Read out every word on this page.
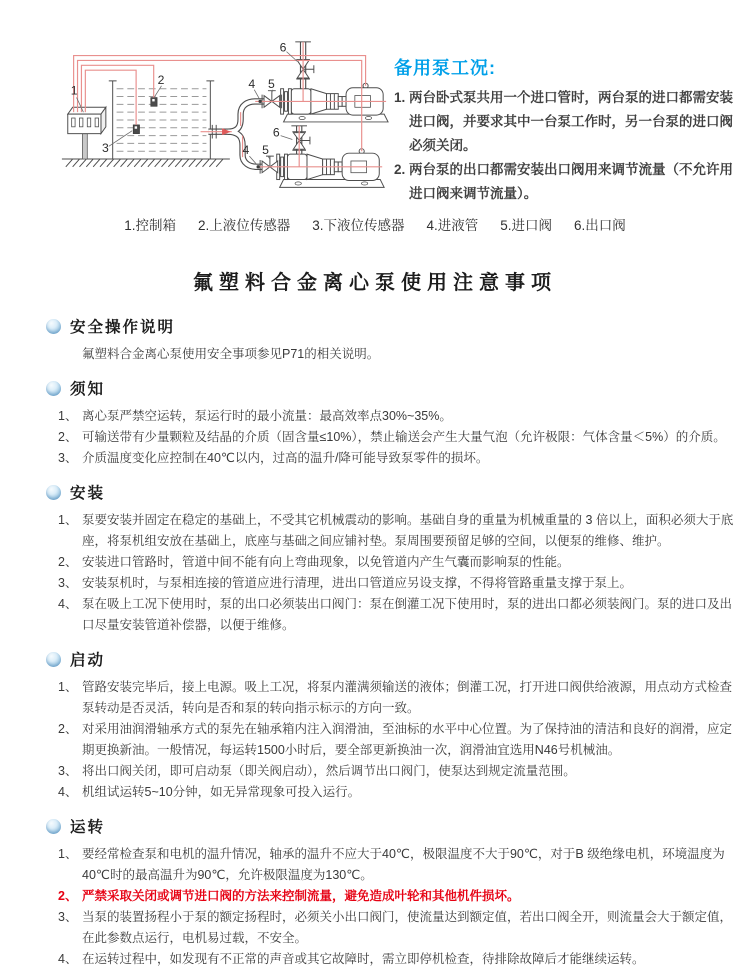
1
2
3
4 5
6
4 5
6
备用泵工况:
1. 两台卧式泵共用一个进口管时，两台泵的进口都需安装进口阀，并要求其中一台泵工作时，另一台泵的进口阀必须关闭。
2. 两台泵的出口都需安装出口阀用来调节流量（不允许用进口阀来调节流量）。
1.控制箱 2.上液位传感器 3.下液位传感器 4.进液管 5.进口阀 6.出口阀
氟塑料合金离心泵使用注意事项
安全操作说明
氟塑料合金离心泵使用安全事项参见P71的相关说明。
须知
1、 离心泵严禁空运转，泵运行时的最小流量：最高效率点30%~35%。
2、 可输送带有少量颗粒及结晶的介质（固含量≤10%），禁止输送会产生大量气泡（允许极限：气体含量＜5%）的介质。
3、 介质温度变化应控制在40℃以内，过高的温升/降可能导致泵零件的损坏。
安装
1、 泵要安装并固定在稳定的基础上，不受其它机械震动的影响。基础自身的重量为机械重量的 3 倍以上，面积必须大于底座，将泵机组安放在基础上，底座与基础之间应铺衬垫。泵周围要预留足够的空间，以便泵的维修、维护。
2、 安装进口管路时，管道中间不能有向上弯曲现象，以免管道内产生气囊而影响泵的性能。
3、 安装泵机时，与泵相连接的管道应进行清理，进出口管道应另设支撑，不得将管路重量支撑于泵上。
4、 泵在吸上工况下使用时，泵的出口必须装出口阀门：泵在倒灌工况下使用时，泵的进出口都必须装阀门。泵的进口及出口尽量安装管道补偿器，以便于维修。
启动
1、 管路安装完毕后，接上电源。吸上工况，将泵内灌满须输送的液体；倒灌工况，打开进口阀供给液源，用点动方式检查泵转动是否灵活，转向是否和泵的转向指示标示的方向一致。
2、 对采用油润滑轴承方式的泵先在轴承箱内注入润滑油，至油标的水平中心位置。为了保持油的清洁和良好的润滑，应定期更换新油。一般情况，每运转1500小时后，要全部更新换油一次，润滑油宜选用N46号机械油。
3、 将出口阀关闭，即可启动泵（即关阀启动），然后调节出口阀门，使泵达到规定流量范围。
4、 机组试运转5~10分钟，如无异常现象可投入运行。
运转
1、 要经常检查泵和电机的温升情况，轴承的温升不应大于40℃，极限温度不大于90℃，对于B 级绝缘电机，环境温度为40℃时的最高温升为90℃，允许极限温度为130℃。
2、 严禁采取关闭或调节进口阀的方法来控制流量，避免造成叶轮和其他机件损坏。
3、 当泵的装置扬程小于泵的额定扬程时，必须关小出口阀门，使流量达到额定值，若出口阀全开，则流量会大于额定值，在此参数点运行，电机易过载，不安全。
4、 在运转过程中，如发现有不正常的声音或其它故障时，需立即停机检查，待排除故障后才能继续运转。
